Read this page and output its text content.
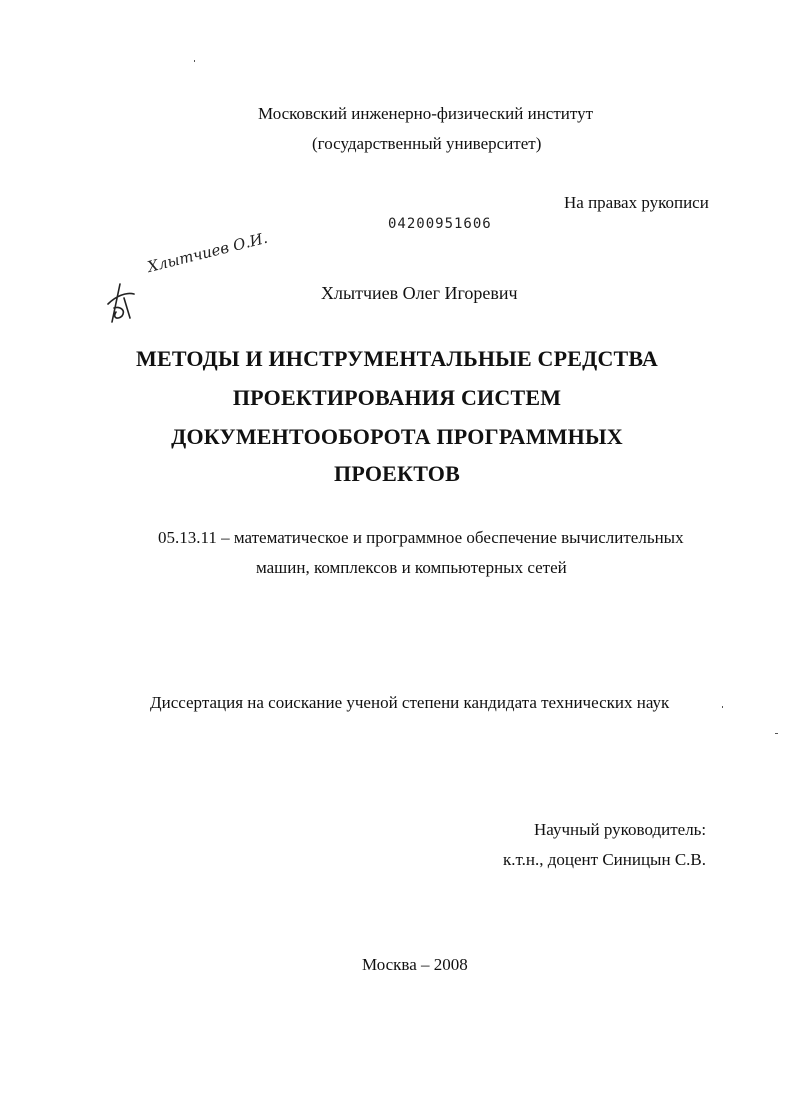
Московский инженерно-физический институт
(государственный университет)
На правах рукописи
04200951606
Хлытчиев О.И.
Хлытчиев Олег Игоревич
МЕТОДЫ И ИНСТРУМЕНТАЛЬНЫЕ СРЕДСТВА
ПРОЕКТИРОВАНИЯ СИСТЕМ
ДОКУМЕНТООБОРОТА ПРОГРАММНЫХ
ПРОЕКТОВ
05.13.11 – математическое и программное обеспечение вычислительных
машин, комплексов и компьютерных сетей
Диссертация на соискание ученой степени кандидата технических наук
Научный руководитель:
к.т.н., доцент Синицын С.В.
Москва – 2008
